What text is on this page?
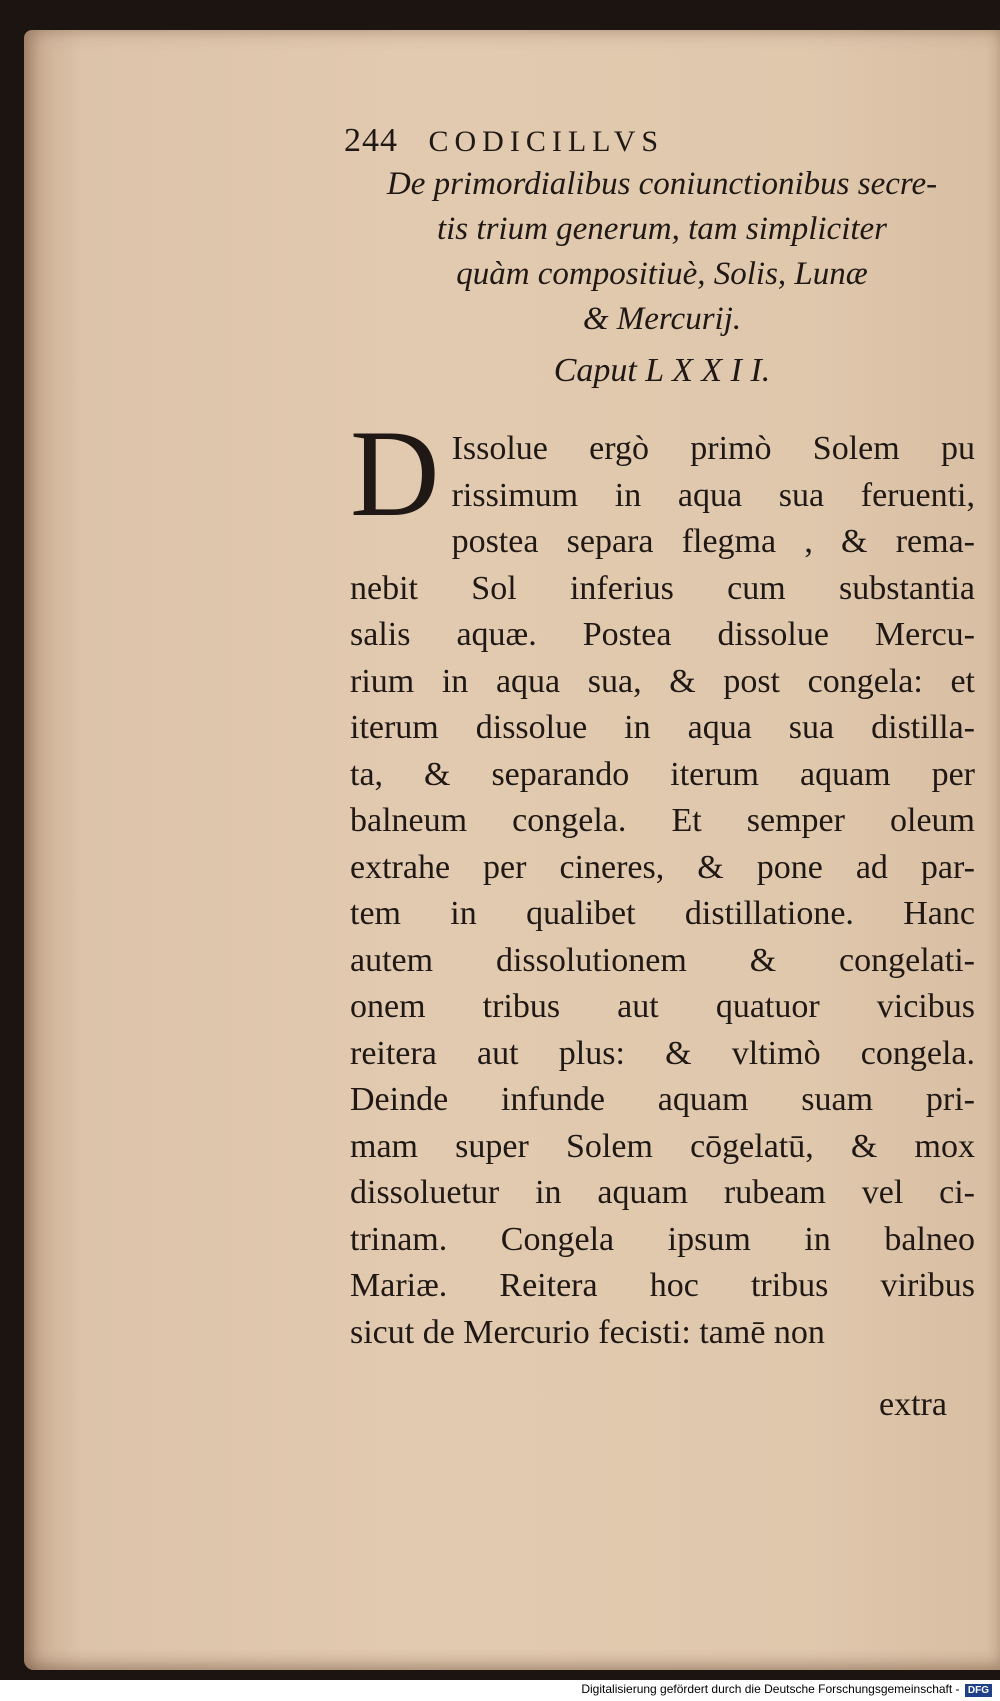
244 CODICILLVS
De primordialibus coniunctionibus secre-
tis trium generum, tam simpliciter
quàm compositiuè, Solis, Lunæ
& Mercurij.
Caput L X X I I.
D Issolue ergò primò Solem pu
rissimum in aqua sua feruenti,
postea separa flegma , & rema-
nebit Sol inferius cum substantia
salis aquæ. Postea dissolue Mercu-
rium in aqua sua, & post congela: et
iterum dissolue in aqua sua distilla-
ta, & separando iterum aquam per
balneum congela. Et semper oleum
extrahe per cineres, & pone ad par-
tem in qualibet distillatione. Hanc
autem dissolutionem & congelati-
onem tribus aut quatuor vicibus
reitera aut plus: & vltimò congela.
Deinde infunde aquam suam pri-
mam super Solem cōgelatū, & mox
dissoluetur in aquam rubeam vel ci-
trinam. Congela ipsum in balneo
Mariæ. Reitera hoc tribus viribus
sicut de Mercurio fecisti: tamē non
extra
Digitalisierung gefördert durch die Deutsche Forschungsgemeinschaft - DFG
